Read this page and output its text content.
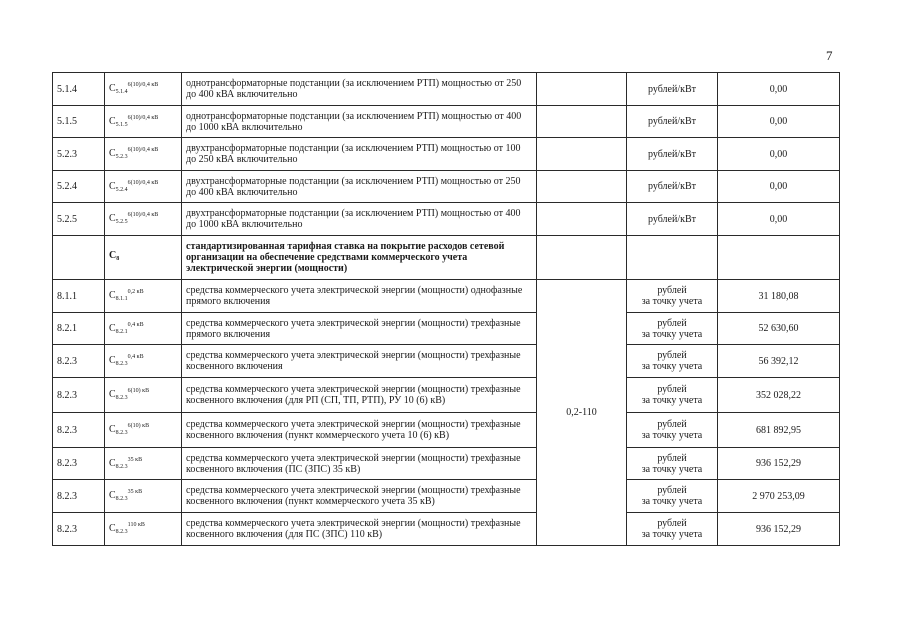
7
5.1.4	$C_{5.1.4}^{6(10)/0,4 кВ}$	однотрансформаторные подстанции (за исключением РТП) мощностью от 250 до 400 кВА включительно		рублей/кВт	0,00
5.1.5	$C_{5.1.5}^{6(10)/0,4 кВ}$	однотрансформаторные подстанции (за исключением РТП) мощностью от 400 до 1000 кВА включительно		рублей/кВт	0,00
5.2.3	$C_{5.2.3}^{6(10)/0,4 кВ}$	двухтрансформаторные подстанции (за исключением РТП) мощностью от 100 до 250 кВА включительно		рублей/кВт	0,00
5.2.4	$C_{5.2.4}^{6(10)/0,4 кВ}$	двухтрансформаторные подстанции (за исключением РТП) мощностью от 250 до 400 кВА включительно		рублей/кВт	0,00
5.2.5	$C_{5.2.5}^{6(10)/0,4 кВ}$	двухтрансформаторные подстанции (за исключением РТП) мощностью от 400 до 1000 кВА включительно		рублей/кВт	0,00
	$C_8$	стандартизированная тарифная ставка на покрытие расходов сетевой организации на обеспечение средствами коммерческого учета электрической энергии (мощности)			
8.1.1	$C_{8.1.1}^{0,2 кВ}$	средства коммерческого учета электрической энергии (мощности) однофазные прямого включения	0,2-110	рублей
за точку учета	31 180,08
8.2.1	$C_{8.2.1}^{0,4 кВ}$	средства коммерческого учета электрической энергии (мощности) трехфазные прямого включения		рублей
за точку учета	52 630,60
8.2.3	$C_{8.2.3}^{0,4 кВ}$	средства коммерческого учета электрической энергии (мощности) трехфазные косвенного включения		рублей
за точку учета	56 392,12
8.2.3	$C_{8.2.3}^{6(10) кВ}$	средства коммерческого учета электрической энергии (мощности) трехфазные косвенного включения (для РП (СП, ТП, РТП), РУ 10 (6) кВ)		рублей
за точку учета	352 028,22
8.2.3	$C_{8.2.3}^{6(10) кВ}$	средства коммерческого учета электрической энергии (мощности) трехфазные косвенного включения (пункт коммерческого учета 10 (6) кВ)		рублей
за точку учета	681 892,95
8.2.3	$C_{8.2.3}^{35 кВ}$	средства коммерческого учета электрической энергии (мощности) трехфазные косвенного включения (ПС (ЗПС) 35 кВ)		рублей
за точку учета	936 152,29
8.2.3	$C_{8.2.3}^{35 кВ}$	средства коммерческого учета электрической энергии (мощности) трехфазные косвенного включения (пункт коммерческого учета 35 кВ)		рублей
за точку учета	2 970 253,09
8.2.3	$C_{8.2.3}^{110 кВ}$	средства коммерческого учета электрической энергии (мощности) трехфазные косвенного включения (для ПС (ЗПС) 110 кВ)		рублей
за точку учета	936 152,29
